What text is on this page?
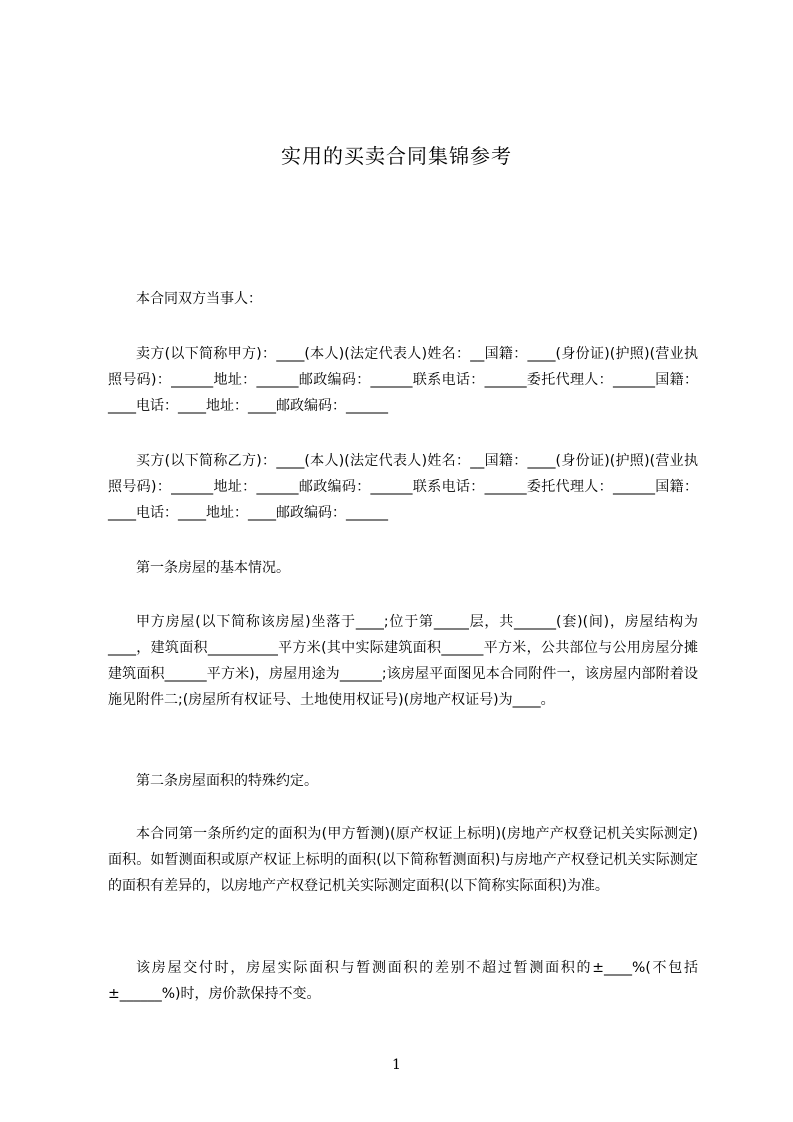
实用的买卖合同集锦参考

本合同双方当事人：

卖方(以下简称甲方)：____(本人)(法定代表人)姓名：__国籍：____(身份证)(护照)(营业执照号码)：______地址：______邮政编码：______联系电话：______委托代理人：______国籍：____电话：____地址：____邮政编码：______

买方(以下简称乙方)：____(本人)(法定代表人)姓名：__国籍：____(身份证)(护照)(营业执照号码)：______地址：______邮政编码：______联系电话：______委托代理人：______国籍：____电话：____地址：____邮政编码：______

第一条房屋的基本情况。

甲方房屋(以下简称该房屋)坐落于____;位于第_____层，共______(套)(间)，房屋结构为____，建筑面积__________平方米(其中实际建筑面积______平方米，公共部位与公用房屋分摊建筑面积______平方米)，房屋用途为______;该房屋平面图见本合同附件一，该房屋内部附着设施见附件二;(房屋所有权证号、土地使用权证号)(房地产权证号)为____。

第二条房屋面积的特殊约定。

本合同第一条所约定的面积为(甲方暂测)(原产权证上标明)(房地产产权登记机关实际测定)面积。如暂测面积或原产权证上标明的面积(以下简称暂测面积)与房地产产权登记机关实际测定的面积有差异的，以房地产产权登记机关实际测定面积(以下简称实际面积)为准。

该房屋交付时，房屋实际面积与暂测面积的差别不超过暂测面积的±____%(不包括±______%)时，房价款保持不变。

1
